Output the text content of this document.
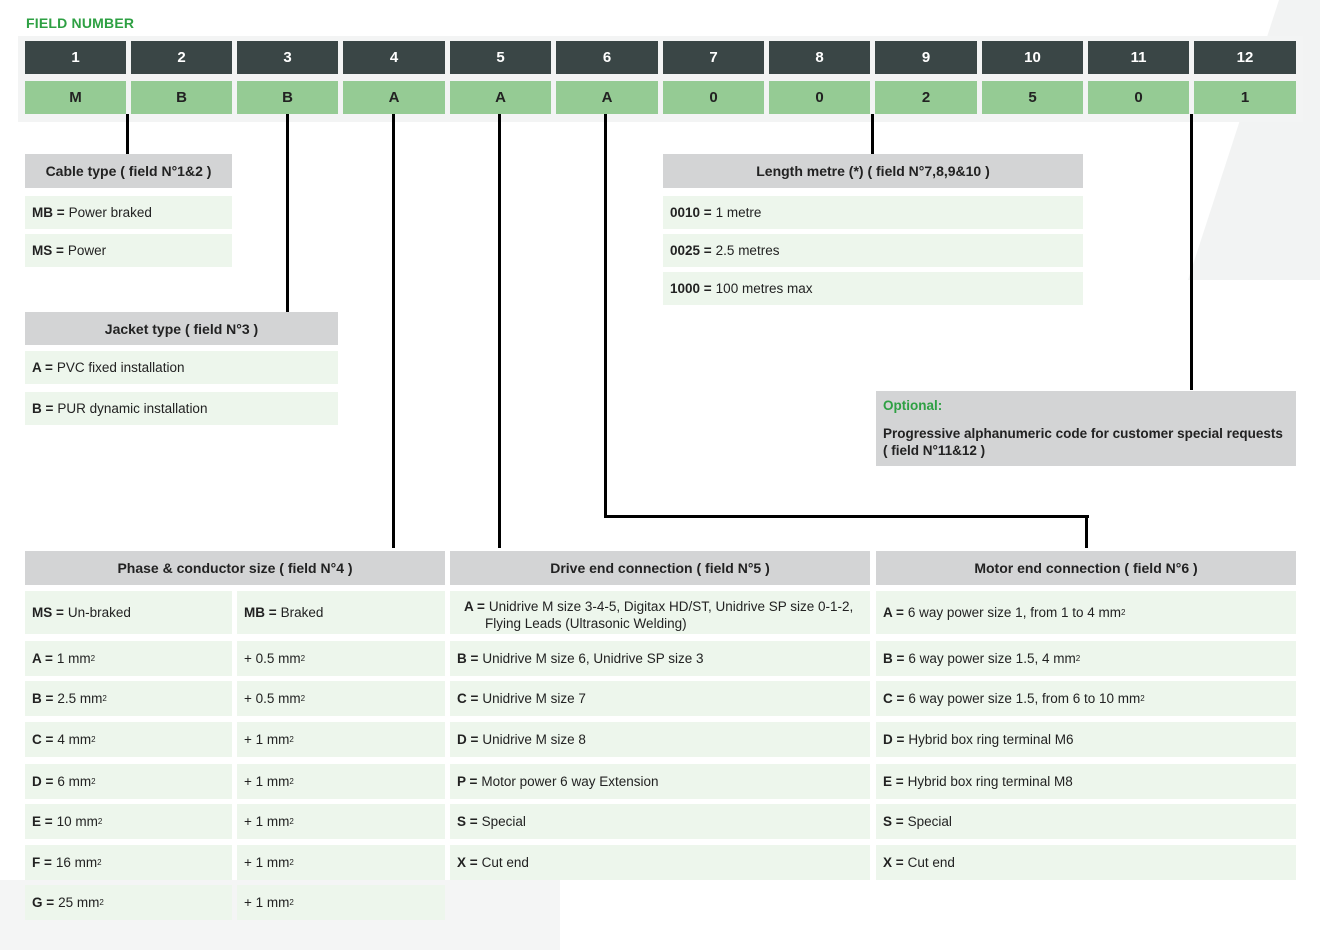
FIELD NUMBER
1	2	3	4	5	6	7	8	9	10	11	12
M	B	B	A	A	A	0	0	2	5	0	1
Cable type ( field N°1&2 )
MB = Power braked
MS = Power
Jacket type ( field N°3 )
A = PVC fixed installation
B = PUR dynamic installation
Length metre (*) ( field N°7,8,9&10 )
0010 = 1 metre
0025 = 2.5 metres
1000 = 100 metres max
Optional:
Progressive alphanumeric code for customer special requests ( field N°11&12 )
Phase & conductor size ( field N°4 )
MS = Un-braked	MB = Braked
A = 1 mm 2	+ 0.5 mm 2
B = 2.5 mm 2	+ 0.5 mm 2
C = 4 mm 2	+ 1 mm 2
D = 6 mm 2	+ 1 mm 2
E = 10 mm 2	+ 1 mm 2
F = 16 mm 2	+ 1 mm 2
G = 25 mm 2	+ 1 mm 2
Drive end connection ( field N°5 )
A = Unidrive M size 3-4-5, Digitax HD/ST, Unidrive SP size 0-1-2, Flying Leads (Ultrasonic Welding)
B = Unidrive M size 6, Unidrive SP size 3
C = Unidrive M size 7
D = Unidrive M size 8
P = Motor power 6 way Extension
S = Special
X = Cut end
Motor end connection ( field N°6 )
A = 6 way power size 1, from 1 to 4 mm 2
B = 6 way power size 1.5, 4 mm 2
C = 6 way power size 1.5, from 6 to 10 mm 2
D = Hybrid box ring terminal M6
E = Hybrid box ring terminal M8
S = Special
X = Cut end
